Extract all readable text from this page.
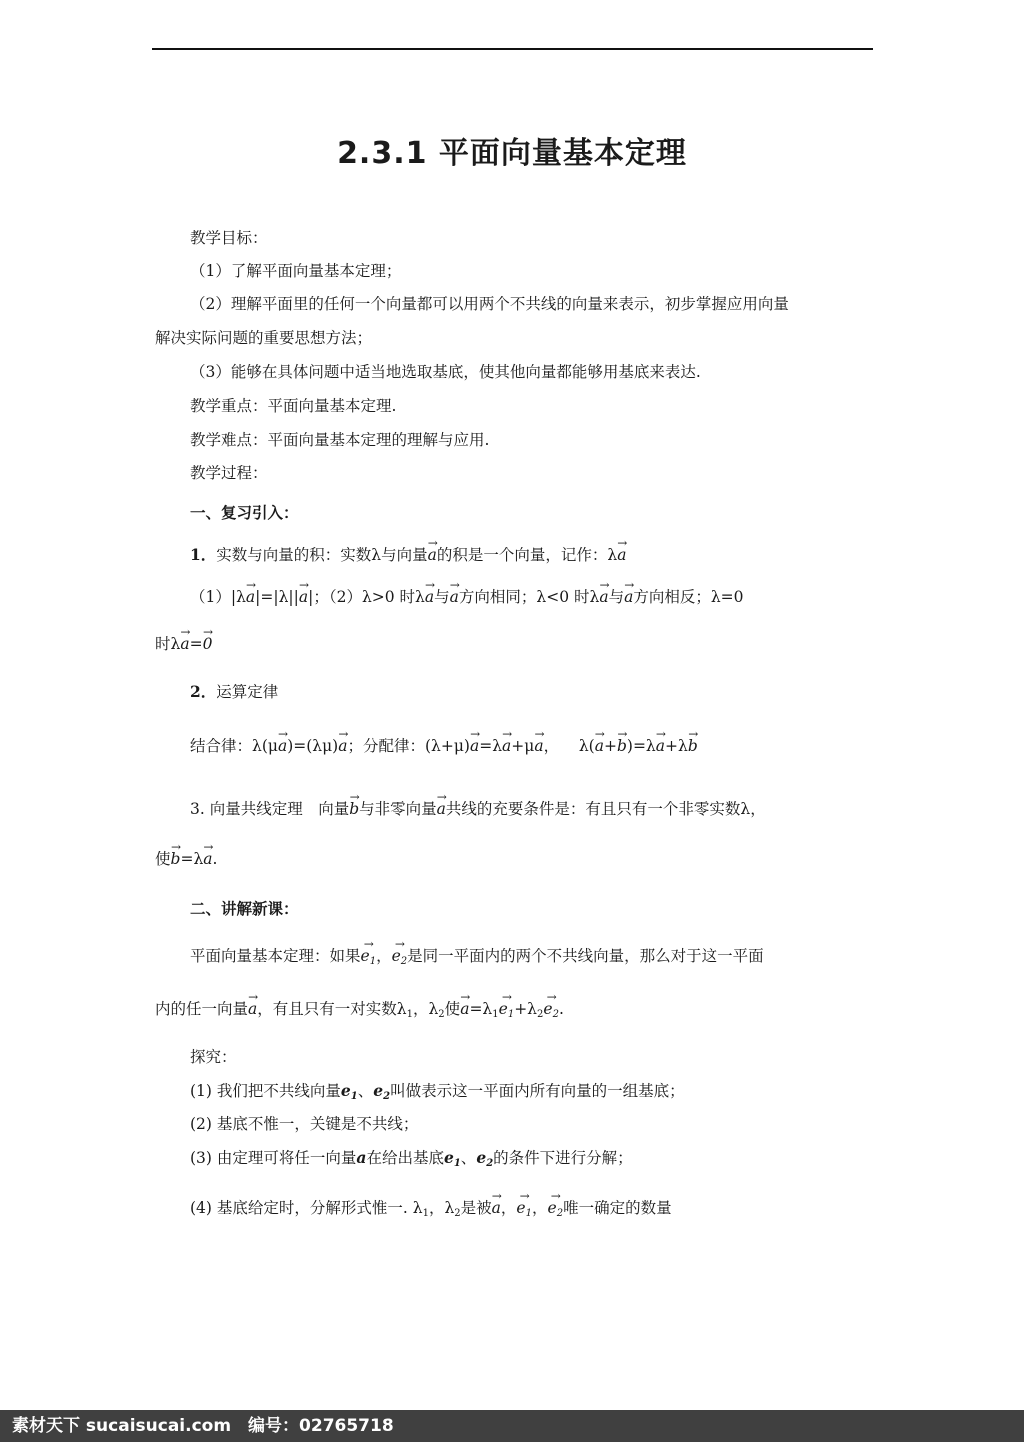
2.3.1 平面向量基本定理
教学目标：
（1）了解平面向量基本定理；
（2）理解平面里的任何一个向量都可以用两个不共线的向量来表示，初步掌握应用向量
解决实际问题的重要思想方法；
（3）能够在具体问题中适当地选取基底，使其他向量都能够用基底来表达.
教学重点：平面向量基本定理.
教学难点：平面向量基本定理的理解与应用.
教学过程：
一、复习引入：
1．实数与向量的积：实数λ与向量→ a的积是一个向量，记作：λ→ a
（1）|λ→ a|=|λ||→ a|；（2）λ>0 时λ→ a与→ a方向相同；λ<0 时λ→ a与→ a方向相反；λ=0
时λ→ a=→ 0
2．运算定律
结合律：λ(μ→ a)=(λμ)→ a；分配律：(λ+μ)→ a=λ→ a+μ→ a， λ(→ a+→ b)=λ→ a+λ→ b
3. 向量共线定理　向量→ b与非零向量→ a共线的充要条件是：有且只有一个非零实数λ，
使→ b=λ→ a.
二、讲解新课：
平面向量基本定理：如果→ $e_1$，→ $e_2$是同一平面内的两个不共线向量，那么对于这一平面
内的任一向量→ a，有且只有一对实数$\lambda_1$，$\lambda_2$使→ $a=\lambda_1\to e_1+\lambda_2\to e_2$.
探究：
(1) 我们把不共线向量$e_1$、$e_2$叫做表示这一平面内所有向量的一组基底；
(2) 基底不惟一，关键是不共线；
(3) 由定理可将任一向量a在给出基底$e_1$、$e_2$的条件下进行分解；
(4) 基底给定时，分解形式惟一. $\lambda_1$，$\lambda_2$是被→ a，→ $e_1$，→ $e_2$唯一确定的数量
素材天下 sucaisucai.com　编号：02765718
